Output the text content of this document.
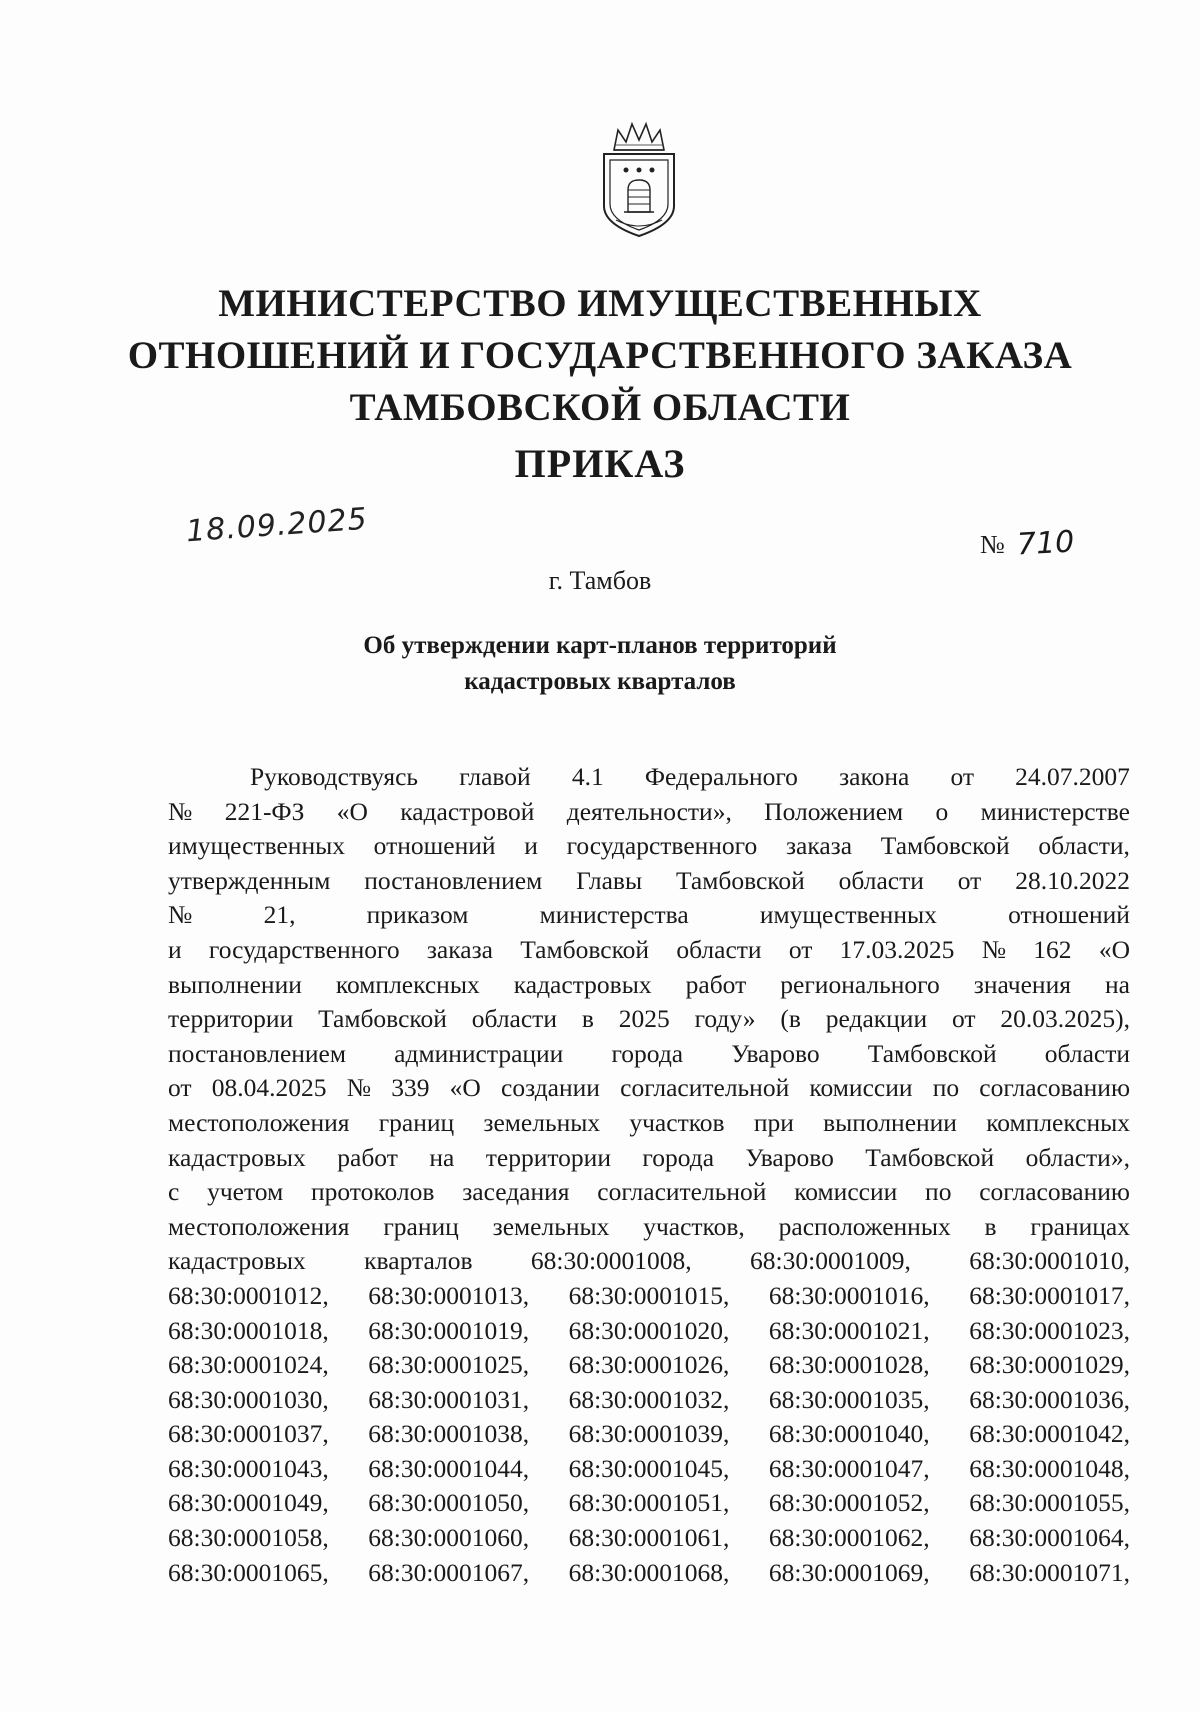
МИНИСТЕРСТВО ИМУЩЕСТВЕННЫХ
ОТНОШЕНИЙ И ГОСУДАРСТВЕННОГО ЗАКАЗА
ТАМБОВСКОЙ ОБЛАСТИ
ПРИКАЗ
18.09.2025	№ 710
г. Тамбов
Об утверждении карт-планов территорий
кадастровых кварталов
Руководствуясь главой 4.1 Федерального закона от 24.07.2007
№ 221-ФЗ «О кадастровой деятельности», Положением о министерстве
имущественных отношений и государственного заказа Тамбовской области,
утвержденным постановлением Главы Тамбовской области от 28.10.2022
№	21,	приказом	министерства	имущественных	отношений
и государственного заказа Тамбовской области от 17.03.2025 № 162 «О
выполнении комплексных кадастровых работ регионального значения на
территории Тамбовской области в 2025 году» (в редакции от 20.03.2025),
постановлением администрации города Уварово Тамбовской области
от 08.04.2025 № 339 «О создании согласительной комиссии по согласованию
местоположения границ земельных участков при выполнении комплексных
кадастровых работ на территории города Уварово Тамбовской области»,
с учетом протоколов заседания согласительной комиссии по согласованию
местоположения границ земельных участков, расположенных в границах
кадастровых кварталов 68:30:0001008, 68:30:0001009, 68:30:0001010,
68:30:0001012, 68:30:0001013, 68:30:0001015, 68:30:0001016, 68:30:0001017,
68:30:0001018, 68:30:0001019, 68:30:0001020, 68:30:0001021, 68:30:0001023,
68:30:0001024, 68:30:0001025, 68:30:0001026, 68:30:0001028, 68:30:0001029,
68:30:0001030, 68:30:0001031, 68:30:0001032, 68:30:0001035, 68:30:0001036,
68:30:0001037, 68:30:0001038, 68:30:0001039, 68:30:0001040, 68:30:0001042,
68:30:0001043, 68:30:0001044, 68:30:0001045, 68:30:0001047, 68:30:0001048,
68:30:0001049, 68:30:0001050, 68:30:0001051, 68:30:0001052, 68:30:0001055,
68:30:0001058, 68:30:0001060, 68:30:0001061, 68:30:0001062, 68:30:0001064,
68:30:0001065, 68:30:0001067, 68:30:0001068, 68:30:0001069, 68:30:0001071,
